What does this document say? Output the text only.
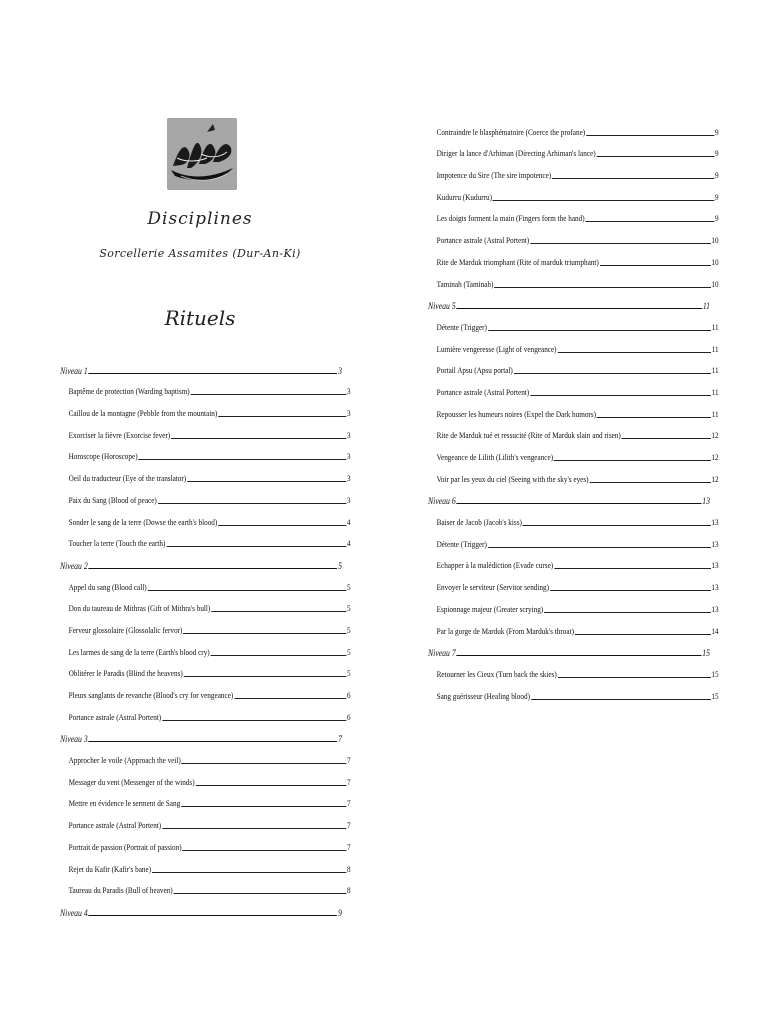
Disciplines
Sorcellerie Assamites (Dur-An-Ki)
Rituels
Niveau 1	3
Baptême de protection (Warding baptism)	3
Caillou de la montagne (Pebble from the mountain)	3
Exorciser la fièvre (Exorcise fever)	3
Horoscope (Horoscope)	3
Oeil du traducteur (Eye of the translator)	3
Paix du Sang (Blood of peace)	3
Sonder le sang de la terre (Dowse the earth's blood)	4
Toucher la terre (Touch the earth)	4
Niveau 2	5
Appel du sang (Blood call)	5
Don du taureau de Mithras (Gift of Mithra's bull)	5
Ferveur glossolaire (Glossolalic fervor)	5
Les larmes de sang de la terre (Earth's blood cry)	5
Oblitérer le Paradis (Blind the heavens)	5
Pleurs sanglants de revanche (Blood's cry for vengeance)	6
Portance astrale (Astral Portent)	6
Niveau 3	7
Approcher le voile (Approach the veil)	7
Messager du vent (Messenger of the winds)	7
Mettre en évidence le serment de Sang	7
Portance astrale (Astral Portent)	7
Portrait de passion (Portrait of passion)	7
Rejet du Kafir (Kafir's bane)	8
Taureau du Paradis (Bull of heaven)	8
Niveau 4	9
Contraindre le blasphématoire (Coerce the profane)	9
Diriger la lance d'Arhiman (Directing Arhiman's lance)	9
Impotence du Sire (The sire impotence)	9
Kudurru (Kudurru)	9
Les doigts forment la main (Fingers form the hand)	9
Portance astrale (Astral Portent)	10
Rite de Marduk triomphant (Rite of marduk triumphant)	10
Taminah (Taminah)	10
Niveau 5	11
Détente (Trigger)	11
Lumière vengeresse (Light of vengeance)	11
Portail Apsu (Apsu portal)	11
Portance astrale (Astral Portent)	11
Repousser les humeurs noires (Expel the Dark humors)	11
Rite de Marduk tué et ressucité (Rite of Marduk slain and risen)	12
Vengeance de Lilith (Lilith's vengeance)	12
Voir par les yeux du ciel (Seeing with the sky's eyes)	12
Niveau 6	13
Baiser de Jacob (Jacob's kiss)	13
Détente (Trigger)	13
Echapper à la malédiction (Evade curse)	13
Envoyer le serviteur (Servitor sending)	13
Espionnage majeur (Greater scrying)	13
Par la gorge de Marduk (From Marduk's throat)	14
Niveau 7	15
Retourner les Cieux (Turn back the skies)	15
Sang guérisseur (Healing blood)	15
